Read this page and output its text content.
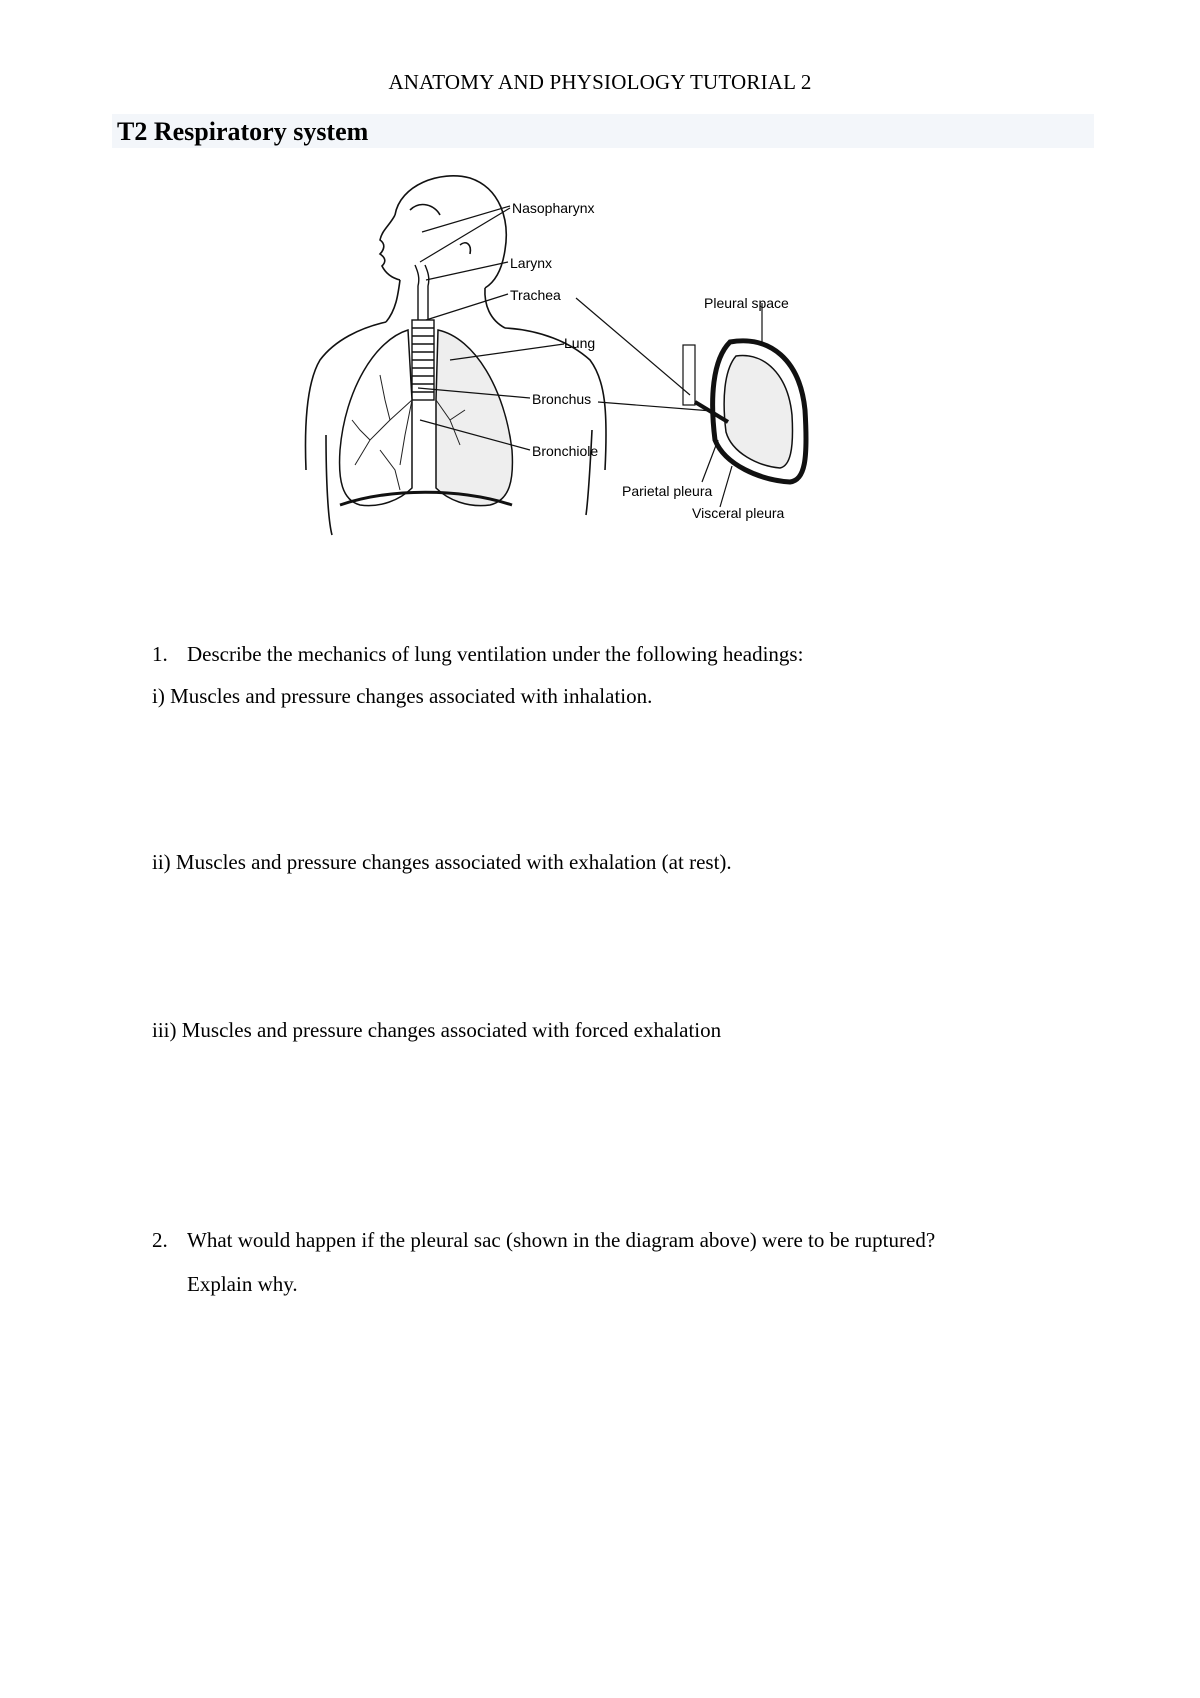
ANATOMY AND PHYSIOLOGY TUTORIAL 2
T2 Respiratory system
Nasopharynx
Larynx
Trachea
Lung
Bronchus
Bronchiole
Pleural space
Parietal pleura
Visceral pleura
1. Describe the mechanics of lung ventilation under the following headings:
i) Muscles and pressure changes associated with inhalation.
ii) Muscles and pressure changes associated with exhalation (at rest).
iii) Muscles and pressure changes associated with forced exhalation
2. What would happen if the pleural sac (shown in the diagram above) were to be ruptured?
Explain why.
